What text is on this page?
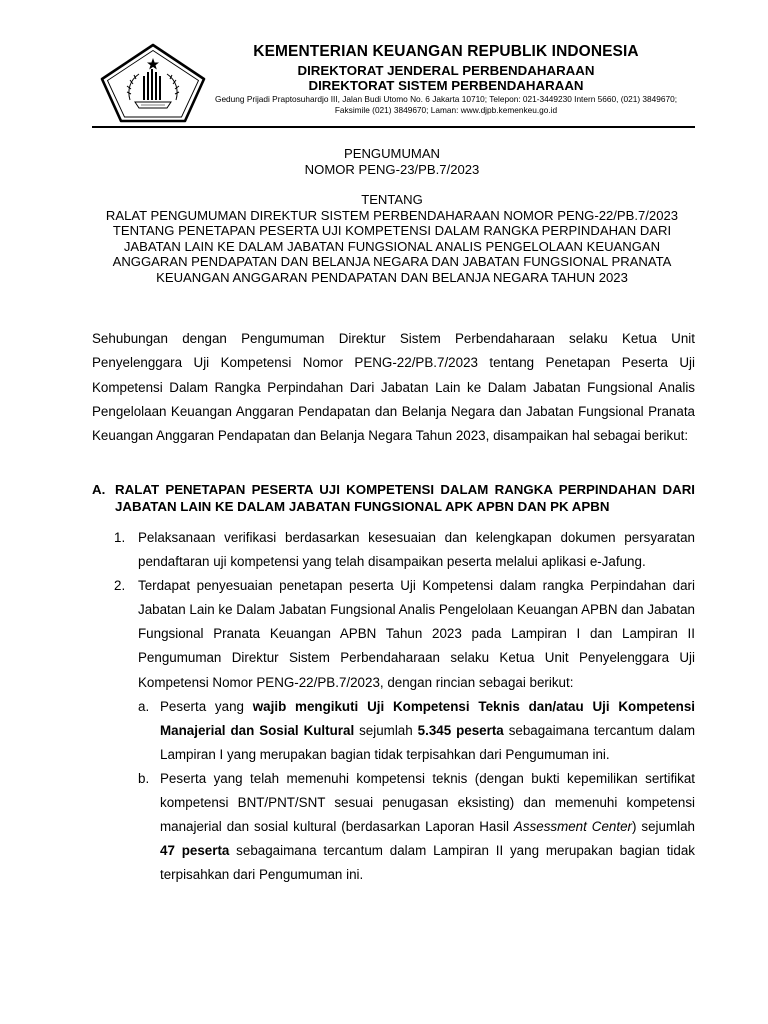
KEMENTERIAN KEUANGAN REPUBLIK INDONESIA
DIREKTORAT JENDERAL PERBENDAHARAAN
DIREKTORAT SISTEM PERBENDAHARAAN
Gedung Prijadi Praptosuhardjo III, Jalan Budi Utomo No. 6 Jakarta 10710; Telepon: 021-3449230 Intern 5660, (021) 3849670; Faksimile (021) 3849670; Laman: www.djpb.kemenkeu.go.id
PENGUMUMAN
NOMOR PENG-23/PB.7/2023
TENTANG
RALAT PENGUMUMAN DIREKTUR SISTEM PERBENDAHARAAN NOMOR PENG-22/PB.7/2023 TENTANG PENETAPAN PESERTA UJI KOMPETENSI DALAM RANGKA PERPINDAHAN DARI JABATAN LAIN KE DALAM JABATAN FUNGSIONAL ANALIS PENGELOLAAN KEUANGAN ANGGARAN PENDAPATAN DAN BELANJA NEGARA DAN JABATAN FUNGSIONAL PRANATA KEUANGAN ANGGARAN PENDAPATAN DAN BELANJA NEGARA TAHUN 2023
Sehubungan dengan Pengumuman Direktur Sistem Perbendaharaan selaku Ketua Unit Penyelenggara Uji Kompetensi Nomor PENG-22/PB.7/2023 tentang Penetapan Peserta Uji Kompetensi Dalam Rangka Perpindahan Dari Jabatan Lain ke Dalam Jabatan Fungsional Analis Pengelolaan Keuangan Anggaran Pendapatan dan Belanja Negara dan Jabatan Fungsional Pranata Keuangan Anggaran Pendapatan dan Belanja Negara Tahun 2023, disampaikan hal sebagai berikut:
A. RALAT PENETAPAN PESERTA UJI KOMPETENSI DALAM RANGKA PERPINDAHAN DARI JABATAN LAIN KE DALAM JABATAN FUNGSIONAL APK APBN DAN PK APBN
1. Pelaksanaan verifikasi berdasarkan kesesuaian dan kelengkapan dokumen persyaratan pendaftaran uji kompetensi yang telah disampaikan peserta melalui aplikasi e-Jafung.
2. Terdapat penyesuaian penetapan peserta Uji Kompetensi dalam rangka Perpindahan dari Jabatan Lain ke Dalam Jabatan Fungsional Analis Pengelolaan Keuangan APBN dan Jabatan Fungsional Pranata Keuangan APBN Tahun 2023 pada Lampiran I dan Lampiran II Pengumuman Direktur Sistem Perbendaharaan selaku Ketua Unit Penyelenggara Uji Kompetensi Nomor PENG-22/PB.7/2023, dengan rincian sebagai berikut:
a. Peserta yang wajib mengikuti Uji Kompetensi Teknis dan/atau Uji Kompetensi Manajerial dan Sosial Kultural sejumlah 5.345 peserta sebagaimana tercantum dalam Lampiran I yang merupakan bagian tidak terpisahkan dari Pengumuman ini.
b. Peserta yang telah memenuhi kompetensi teknis (dengan bukti kepemilikan sertifikat kompetensi BNT/PNT/SNT sesuai penugasan eksisting) dan memenuhi kompetensi manajerial dan sosial kultural (berdasarkan Laporan Hasil Assessment Center) sejumlah 47 peserta sebagaimana tercantum dalam Lampiran II yang merupakan bagian tidak terpisahkan dari Pengumuman ini.
